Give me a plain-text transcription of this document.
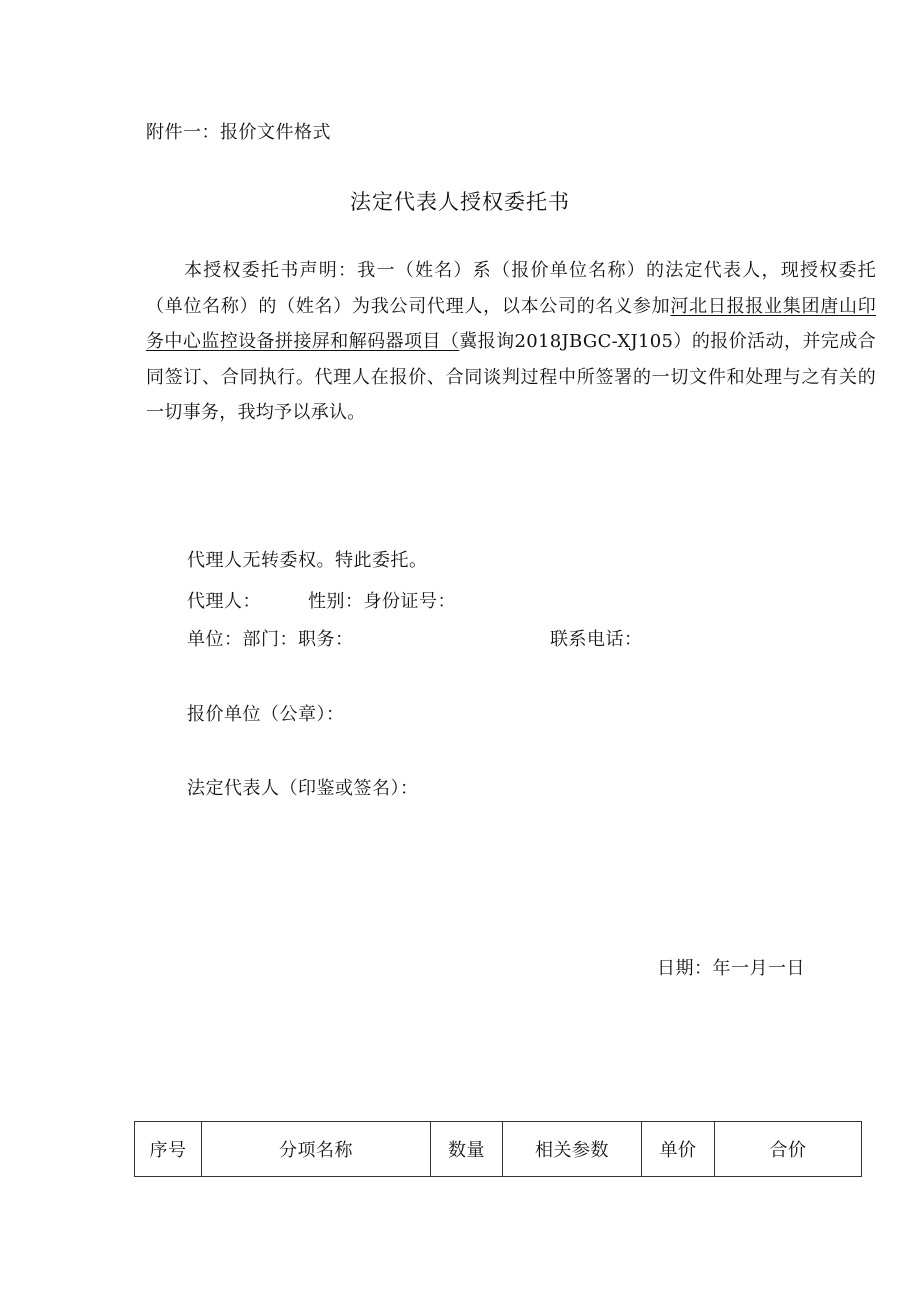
附件一：报价文件格式
法定代表人授权委托书

本授权委托书声明：我一（姓名）系（报价单位名称）的法定代表人，现授权委托（单位名称）的（姓名）为我公司代理人，以本公司的名义参加河北日报报业集团唐山印务中心监控设备拼接屏和解码器项目（冀报询2018JBGC-XJ105）的报价活动，并完成合同签订、合同执行。代理人在报价、合同谈判过程中所签署的一切文件和处理与之有关的一切事务，我均予以承认。

代理人无转委权。特此委托。
代理人：	性别：身份证号：
单位：部门：职务：	联系电话：
报价单位（公章）：
法定代表人（印鉴或签名）：
日期：年一月一日
序号	分项名称	数量	相关参数	单价	合价
